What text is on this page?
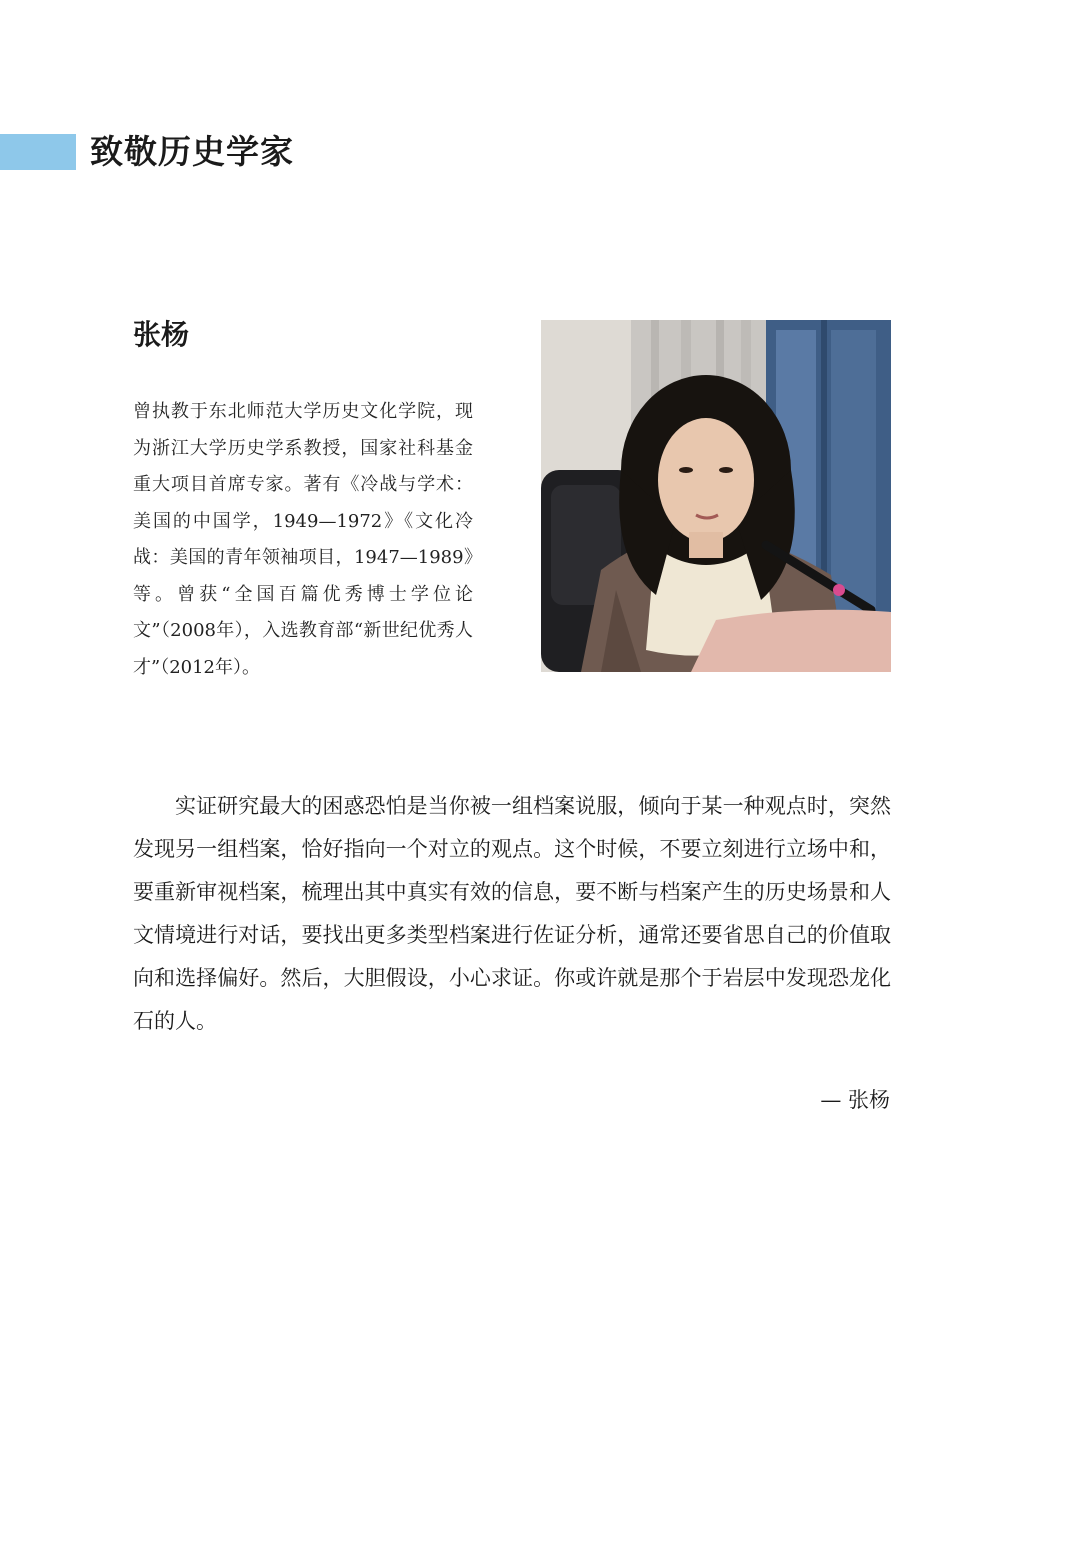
致敬历史学家
张杨

曾执教于东北师范大学历史文化学院，现为浙江大学历史学系教授，国家社科基金重大项目首席专家。著有《冷战与学术：美国的中国学，1949—1972》《文化冷战：美国的青年领袖项目，1947—1989》等。曾获“全国百篇优秀博士学位论文”（2008年），入选教育部“新世纪优秀人才”（2012年）。

实证研究最大的困惑恐怕是当你被一组档案说服，倾向于某一种观点时，突然发现另一组档案，恰好指向一个对立的观点。这个时候，不要立刻进行立场中和，要重新审视档案，梳理出其中真实有效的信息，要不断与档案产生的历史场景和人文情境进行对话，要找出更多类型档案进行佐证分析，通常还要省思自己的价值取向和选择偏好。然后，大胆假设，小心求证。你或许就是那个于岩层中发现恐龙化石的人。

— 张杨
